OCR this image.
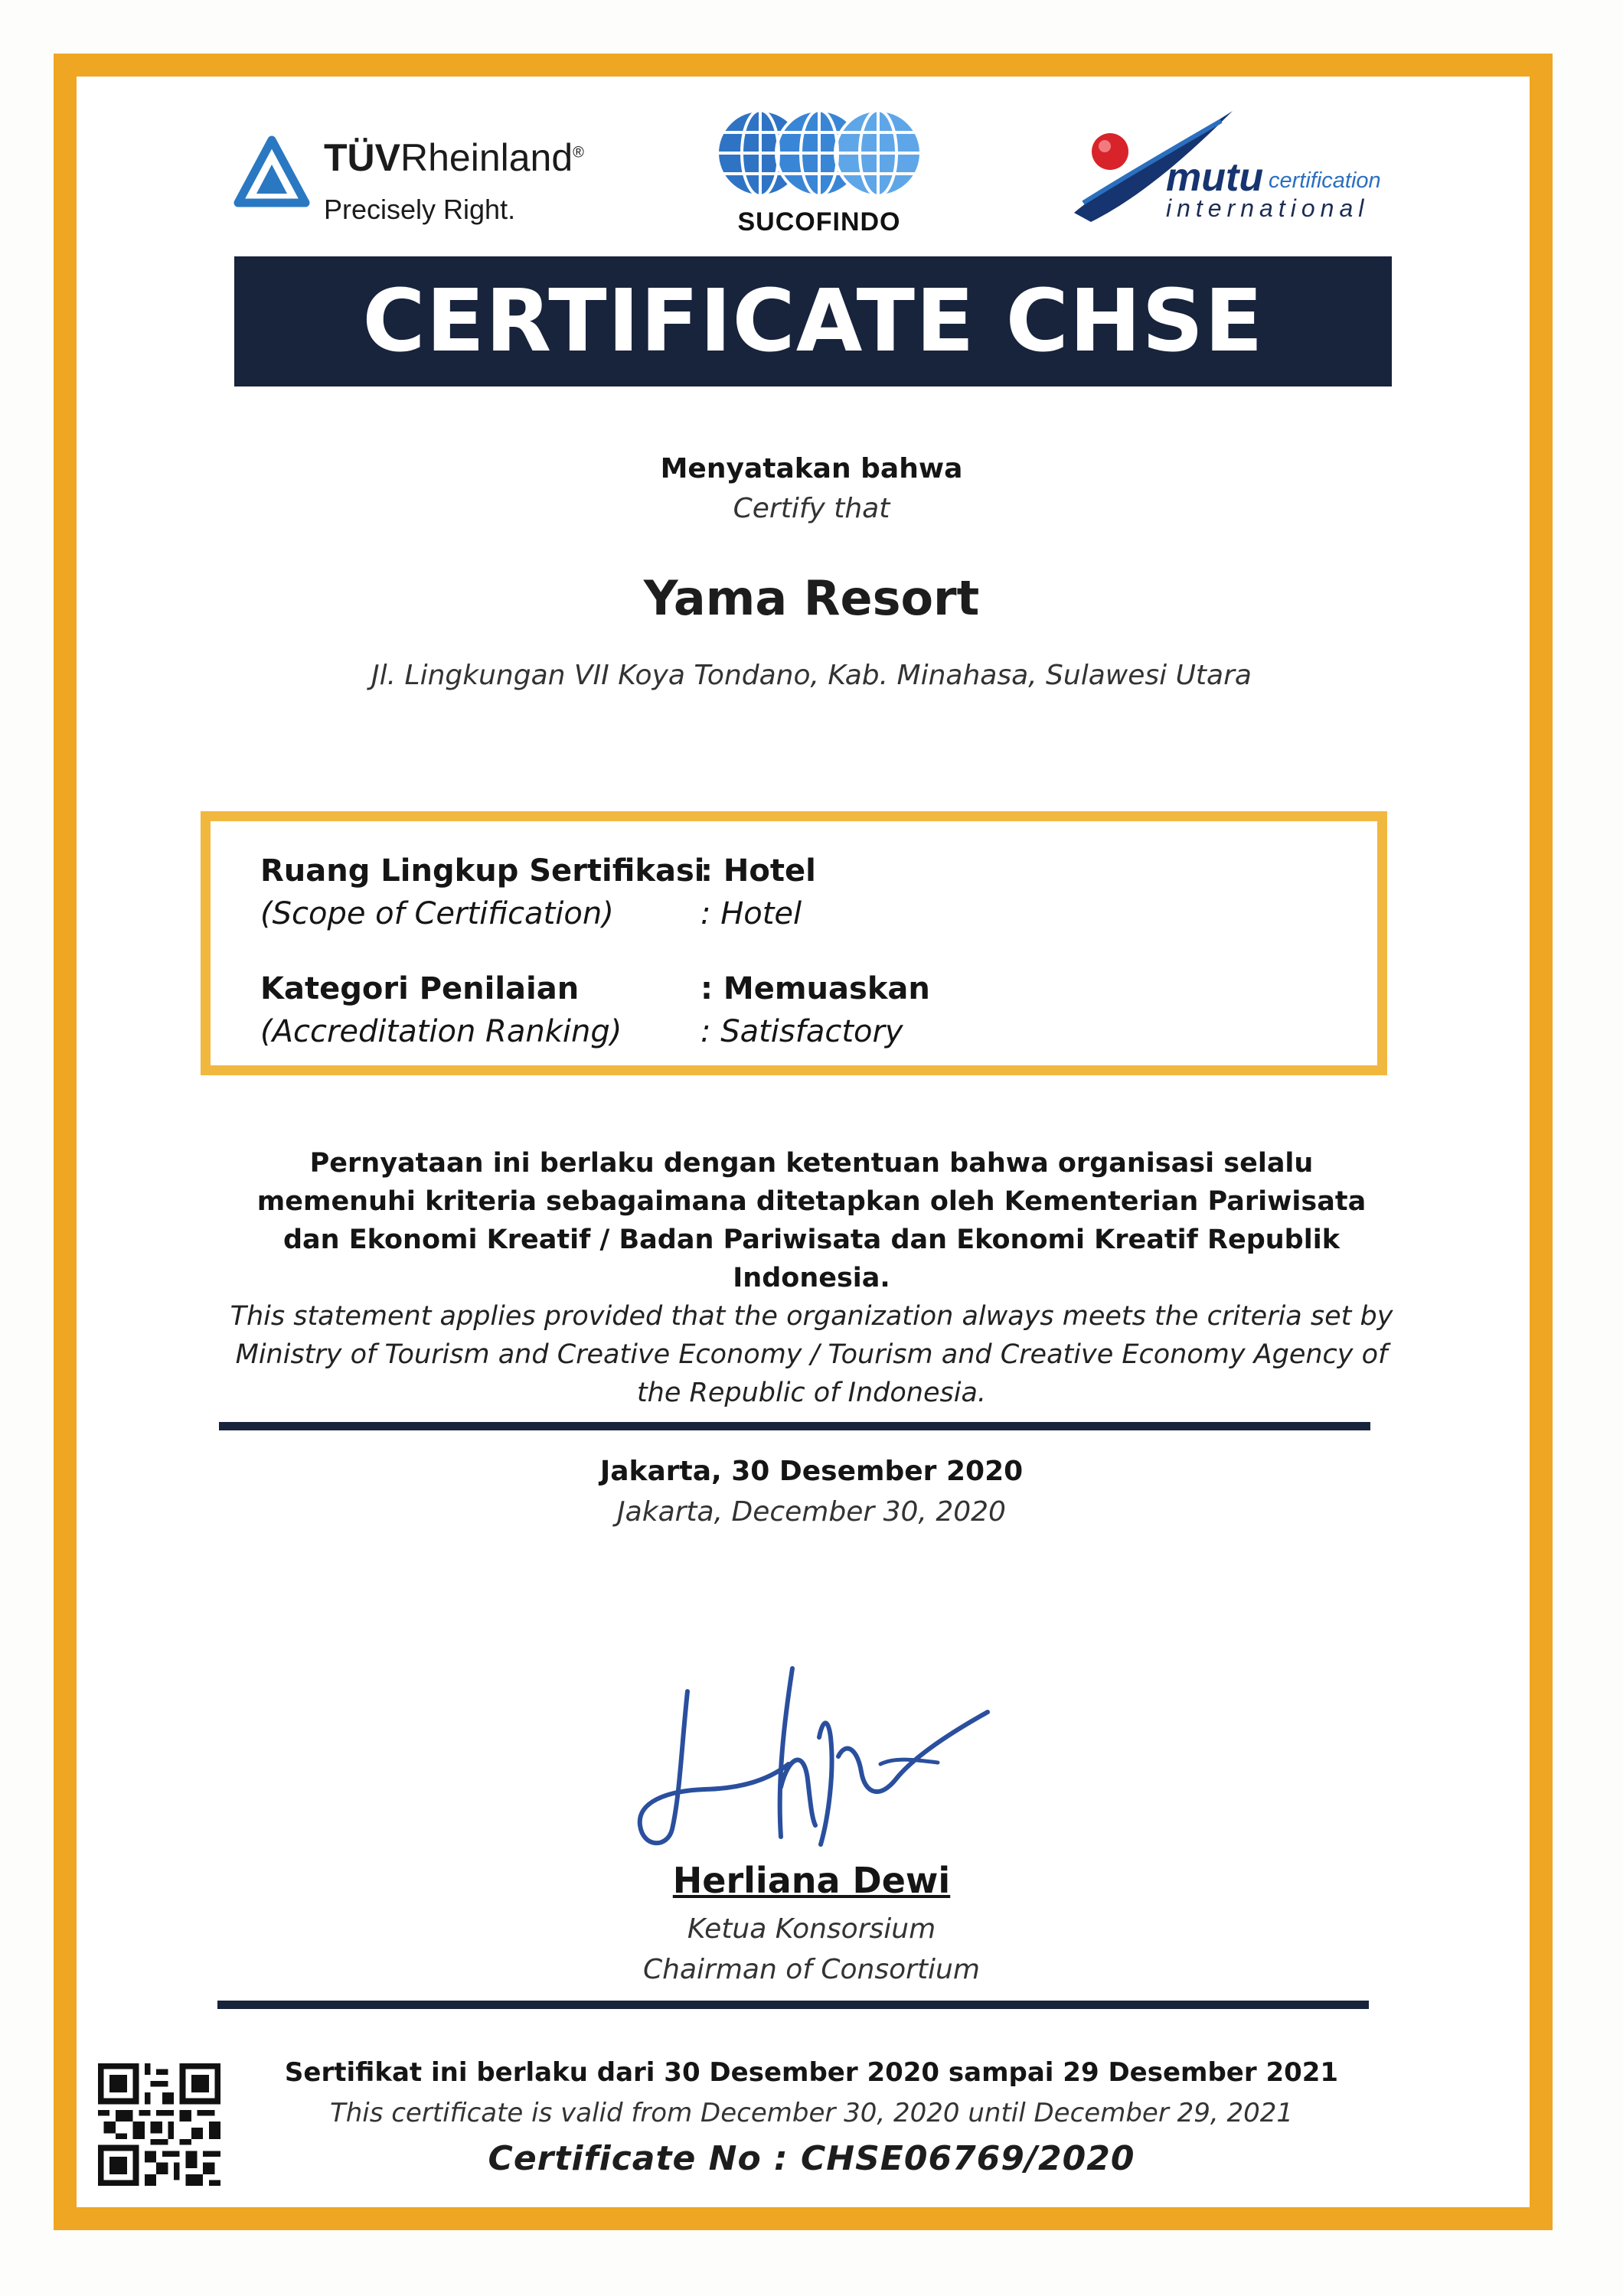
TÜVRheinland®
Precisely Right.	SUCOFINDO
mutu certification
international
CERTIFICATE CHSE
Menyatakan bahwa
Certify that
Yama Resort
Jl. Lingkungan VII Koya Tondano, Kab. Minahasa, Sulawesi Utara
Ruang Lingkup Sertifikasi
(Scope of Certification)
: Hotel
: Hotel
Kategori Penilaian
(Accreditation Ranking)
: Memuaskan
: Satisfactory
Pernyataan ini berlaku dengan ketentuan bahwa organisasi selalu memenuhi kriteria sebagaimana ditetapkan oleh Kementerian Pariwisata dan Ekonomi Kreatif / Badan Pariwisata dan Ekonomi Kreatif Republik Indonesia.
This statement applies provided that the organization always meets the criteria set by Ministry of Tourism and Creative Economy / Tourism and Creative Economy Agency of the Republic of Indonesia.
Jakarta, 30 Desember 2020
Jakarta, December 30, 2020
Herliana Dewi
Ketua Konsorsium
Chairman of Consortium
Sertifikat ini berlaku dari 30 Desember 2020 sampai 29 Desember 2021
This certificate is valid from December 30, 2020 until December 29, 2021
Certificate No : CHSE06769/2020
